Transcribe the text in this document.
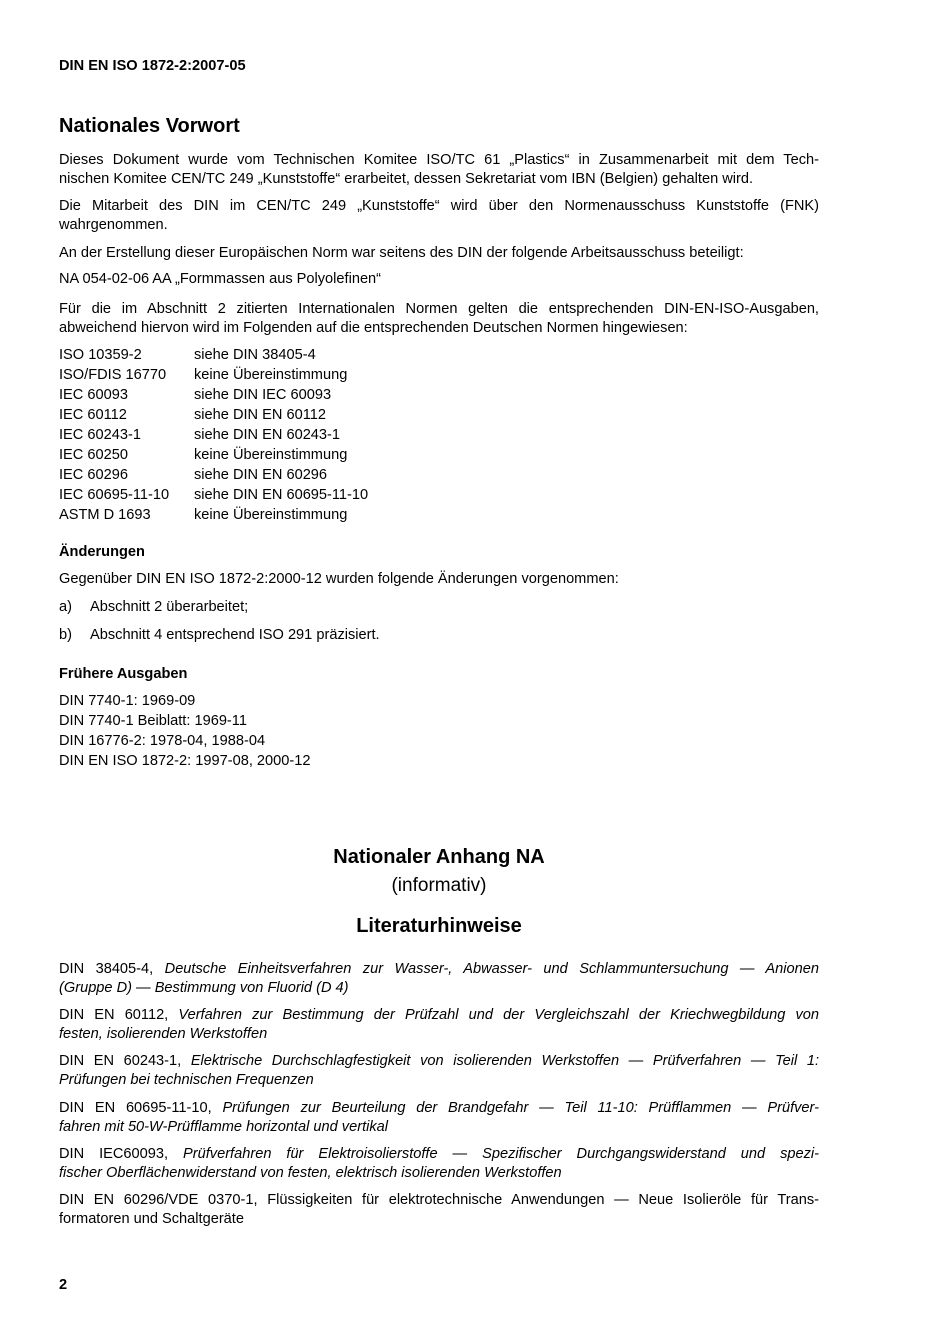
DIN EN ISO 1872-2:2007-05
Nationales Vorwort
Dieses Dokument wurde vom Technischen Komitee ISO/TC 61 „Plastics“ in Zusammenarbeit mit dem Tech-
nischen Komitee CEN/TC 249 „Kunststoffe“ erarbeitet, dessen Sekretariat vom IBN (Belgien) gehalten wird.
Die Mitarbeit des DIN im CEN/TC 249 „Kunststoffe“ wird über den Normenausschuss Kunststoffe (FNK)
wahrgenommen.
An der Erstellung dieser Europäischen Norm war seitens des DIN der folgende Arbeitsausschuss beteiligt:
NA 054-02-06 AA „Formmassen aus Polyolefinen“
Für die im Abschnitt 2 zitierten Internationalen Normen gelten die entsprechenden DIN-EN-ISO-Ausgaben,
abweichend hiervon wird im Folgenden auf die entsprechenden Deutschen Normen hingewiesen:
ISO 10359-2	siehe DIN 38405-4
ISO/FDIS 16770 keine Übereinstimmung
IEC 60093	siehe DIN IEC 60093
IEC 60112	siehe DIN EN 60112
IEC 60243-1	siehe DIN EN 60243-1
IEC 60250	keine Übereinstimmung
IEC 60296	siehe DIN EN 60296
IEC 60695-11-10 siehe DIN EN 60695-11-10
ASTM D 1693	keine Übereinstimmung
Änderungen
Gegenüber DIN EN ISO 1872-2:2000-12 wurden folgende Änderungen vorgenommen:
a) Abschnitt 2 überarbeitet;
b) Abschnitt 4 entsprechend ISO 291 präzisiert.
Frühere Ausgaben
DIN 7740-1: 1969-09
DIN 7740-1 Beiblatt: 1969-11
DIN 16776-2: 1978-04, 1988-04
DIN EN ISO 1872-2: 1997-08, 2000-12
Nationaler Anhang NA
(informativ)
Literaturhinweise
DIN 38405-4, Deutsche Einheitsverfahren zur Wasser-, Abwasser- und Schlammuntersuchung — Anionen
(Gruppe D) — Bestimmung von Fluorid (D 4)
DIN EN 60112, Verfahren zur Bestimmung der Prüfzahl und der Vergleichszahl der Kriechwegbildung von
festen, isolierenden Werkstoffen
DIN EN 60243-1, Elektrische Durchschlagfestigkeit von isolierenden Werkstoffen — Prüfverfahren — Teil 1:
Prüfungen bei technischen Frequenzen
DIN EN 60695-11-10, Prüfungen zur Beurteilung der Brandgefahr — Teil 11-10: Prüfflammen — Prüfver-
fahren mit 50-W-Prüfflamme horizontal und vertikal
DIN IEC60093, Prüfverfahren für Elektroisolierstoffe — Spezifischer Durchgangswiderstand und spezi-
fischer Oberflächenwiderstand von festen, elektrisch isolierenden Werkstoffen
DIN EN 60296/VDE 0370-1, Flüssigkeiten für elektrotechnische Anwendungen — Neue Isolieröle für Trans-
formatoren und Schaltgeräte
2
